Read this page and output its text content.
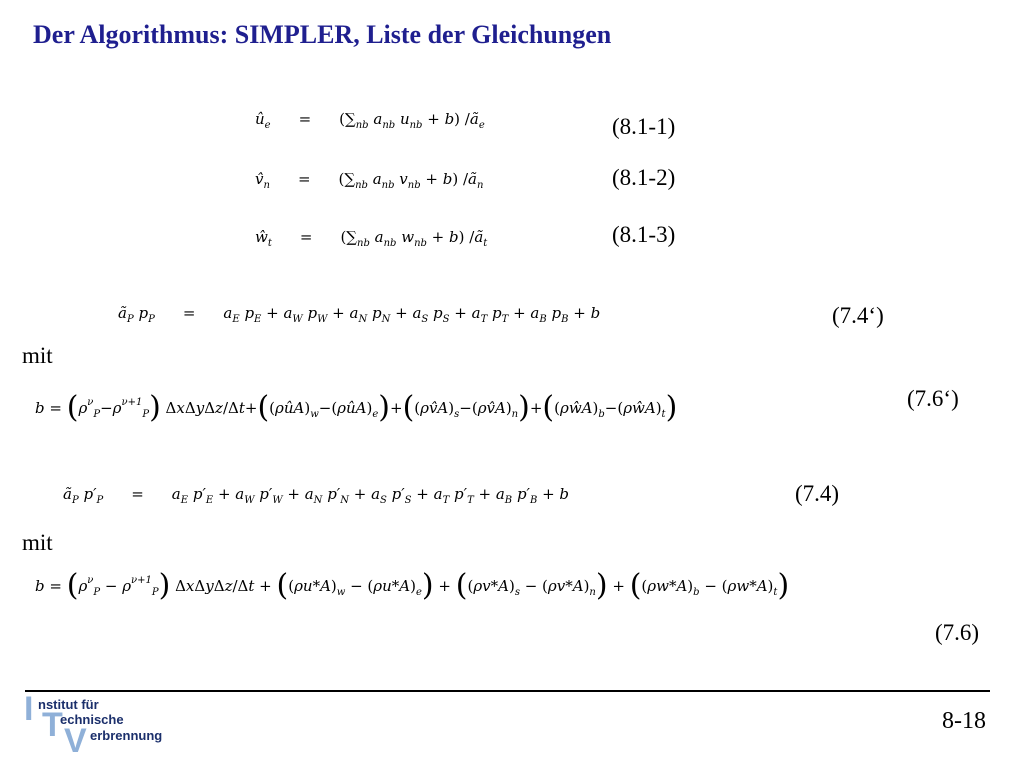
Der Algorithmus: SIMPLER, Liste der Gleichungen
$û_e = (\sum_{nb}$ $a_{nb}$ $u_{nb} + b$) $/ã_e$	(8.1-1)
$v̂_n = (\sum_{nb}$ $a_{nb}$ $v_{nb} + b$) $/ã_n$	(8.1-2)
$ŵ_t = (\sum_{nb}$ $a_{nb}$ $w_{nb} + b$) $/ã_t$	(8.1-3)
$ã_P$ $p_P = a_E$ $p_E + a_W$ $p_W + a_N$ $p_N + a_S$ $p_S + a_T$ $p_T + a_B$ $p_B + b$	(7.4‘)
mit
$b = (\rho^\nu_P-\rho^{\nu+1}_P)$ ΔxΔyΔz/$\Delta t+((\rho ûA)_w-(\rho ûA)_e)+((\rho v̂A)_s-(\rho v̂A)_n)+((\rho ŵA)_b-(\rho ŵA)_t)$	(7.6‘)
$ã_P$ $p'_P = a_E$ $p'_E + a_W$ $p'_W + a_N$ $p'_N + a_S$ $p'_S + a_T$ $p'_T + a_B$ $p'_B + b$	(7.4)
mit
$b = (\rho^\nu_P - \rho^{\nu+1}_P) \Delta x\Delta y\Delta z/\Delta t + ((\rho u*A)_w - (\rho u*A)_e) + ((\rho v*A)_s - (\rho v*A)_n) + ((\rho w*A)_b - (\rho w*A)_t)$
(7.6)
I T V
nstitut für
echnische
erbrennung
8-18
